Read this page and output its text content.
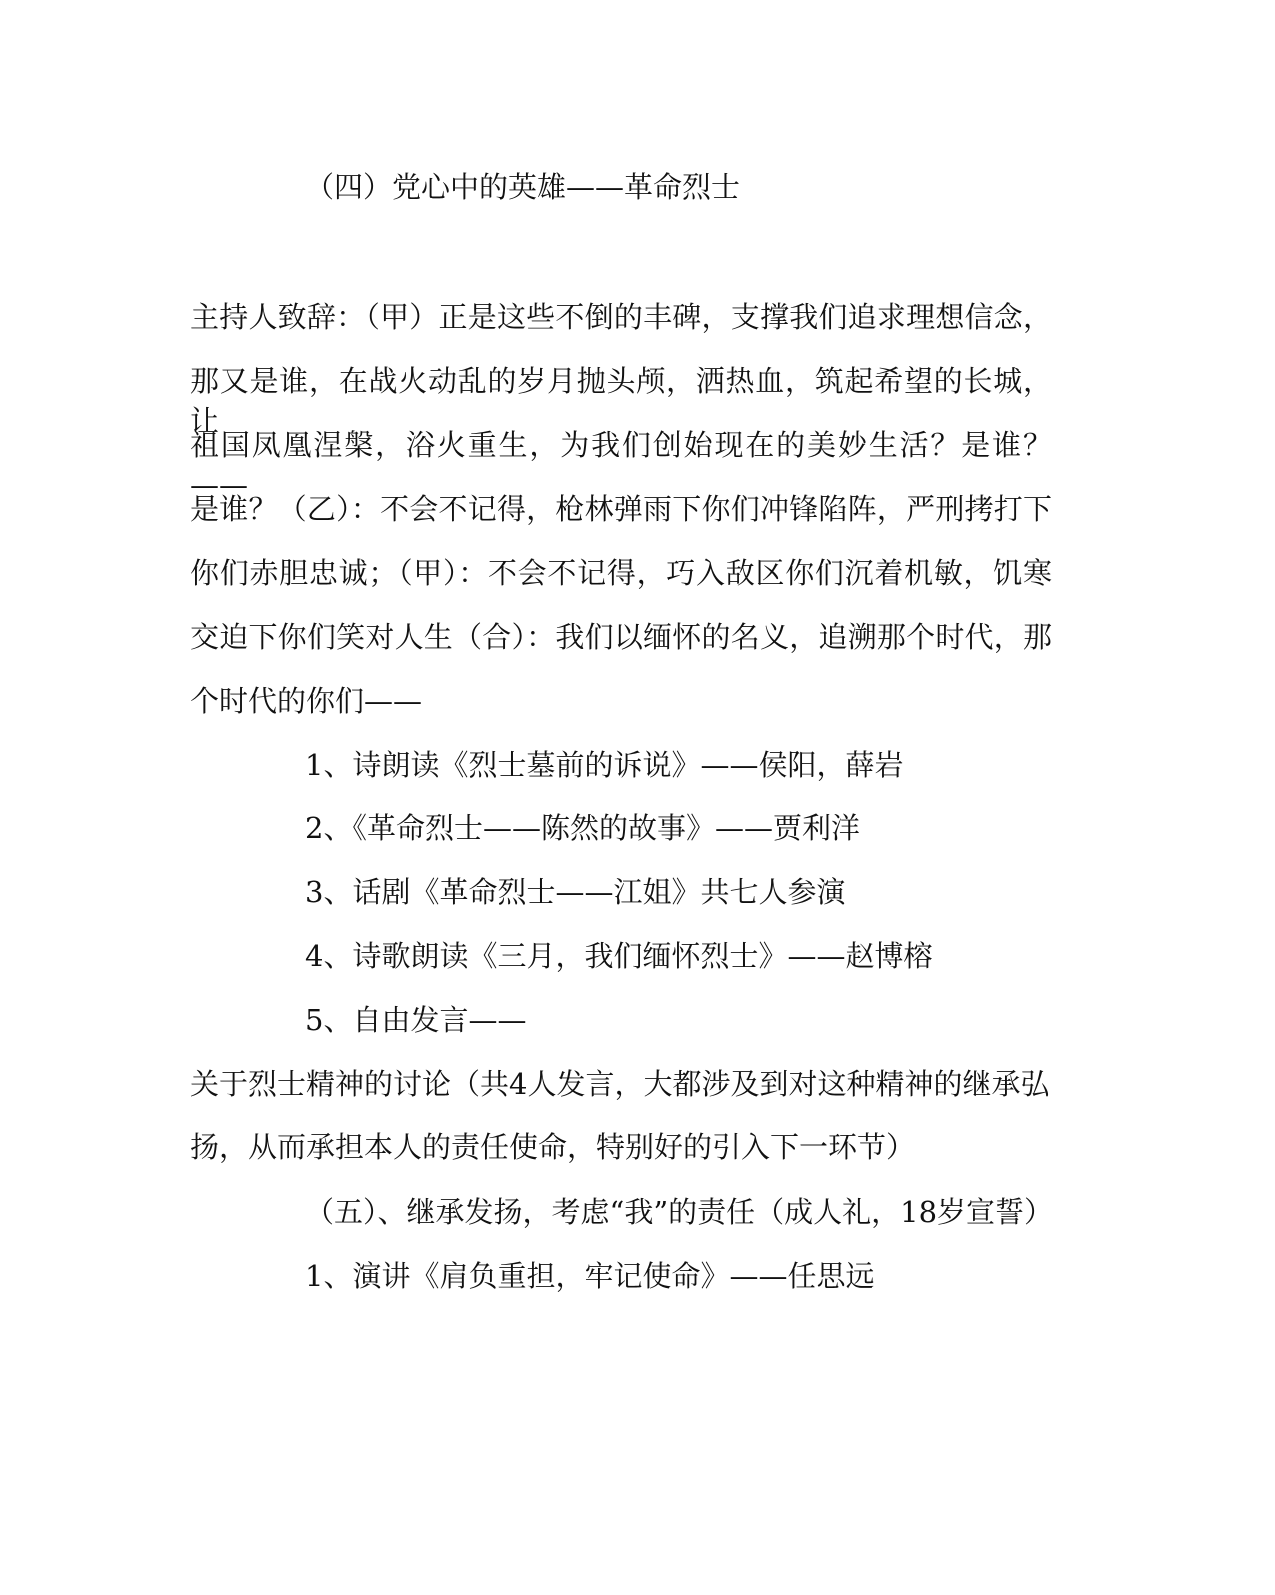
（四）党心中的英雄——革命烈士
主持人致辞：（甲）正是这些不倒的丰碑，支撑我们追求理想信念，
那又是谁，在战火动乱的岁月抛头颅，洒热血，筑起希望的长城，让
祖国凤凰涅槃，浴火重生，为我们创始现在的美妙生活？是谁？——
是谁？（乙）：不会不记得，枪林弹雨下你们冲锋陷阵，严刑拷打下
你们赤胆忠诚；（甲）：不会不记得，巧入敌区你们沉着机敏，饥寒
交迫下你们笑对人生（合）：我们以缅怀的名义，追溯那个时代，那
个时代的你们——
1、诗朗读《烈士墓前的诉说》——侯阳，薛岩
2、《革命烈士——陈然的故事》——贾利洋
3、话剧《革命烈士——江姐》共七人参演
4、诗歌朗读《三月，我们缅怀烈士》——赵博榕
5、自由发言——
关于烈士精神的讨论（共4人发言，大都涉及到对这种精神的继承弘
扬，从而承担本人的责任使命，特别好的引入下一环节）
（五）、继承发扬，考虑“我”的责任（成人礼，18岁宣誓）
1、演讲《肩负重担，牢记使命》——任思远
